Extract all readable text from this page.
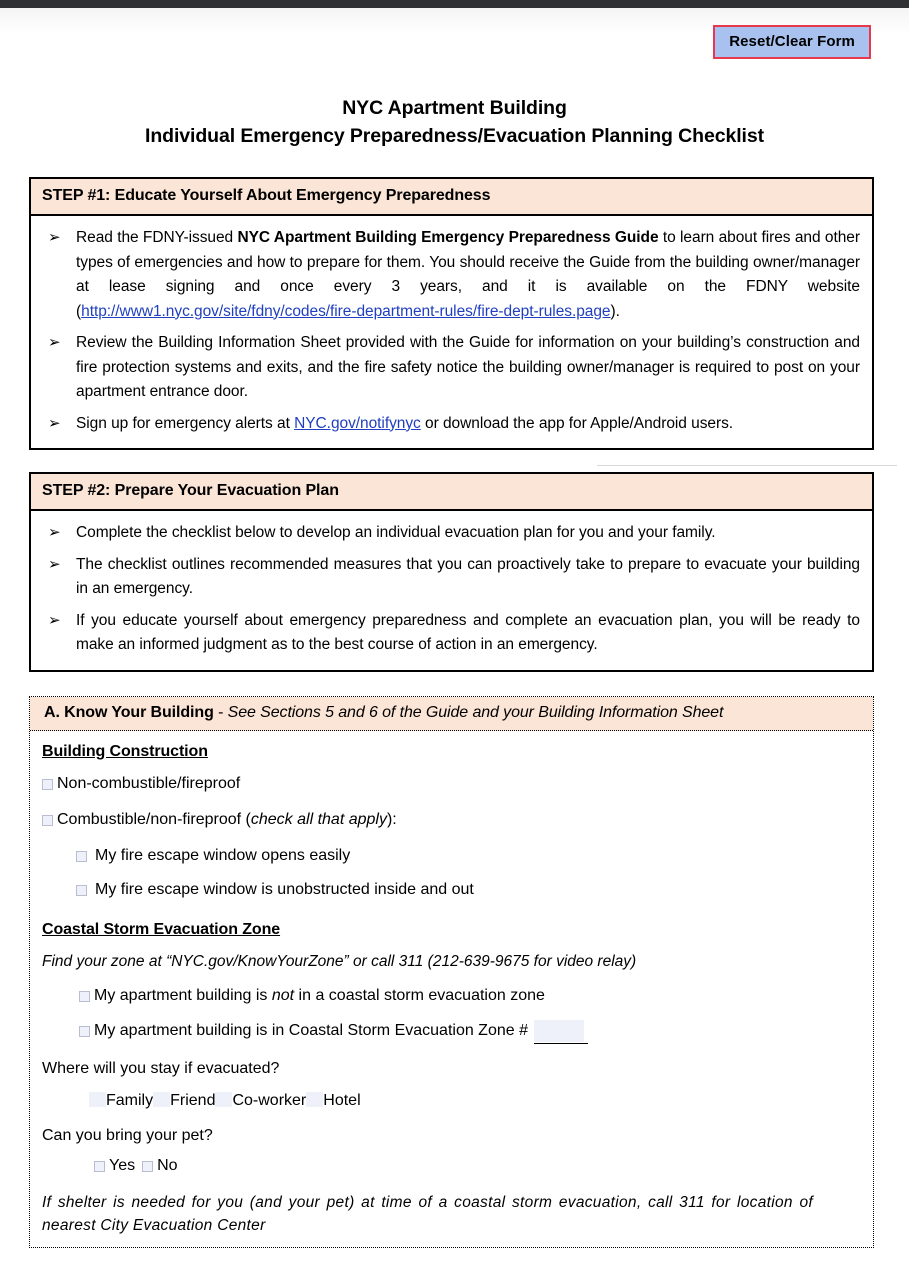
Reset/Clear Form
NYC Apartment Building
Individual Emergency Preparedness/Evacuation Planning Checklist
STEP #1: Educate Yourself About Emergency Preparedness
➢ Read the FDNY-issued NYC Apartment Building Emergency Preparedness Guide to learn about fires and other types of emergencies and how to prepare for them. You should receive the Guide from the building owner/manager at lease signing and once every 3 years, and it is available on the FDNY website (http://www1.nyc.gov/site/fdny/codes/fire-department-rules/fire-dept-rules.page).
➢ Review the Building Information Sheet provided with the Guide for information on your building’s construction and fire protection systems and exits, and the fire safety notice the building owner/manager is required to post on your apartment entrance door.
➢ Sign up for emergency alerts at NYC.gov/notifynyc or download the app for Apple/Android users.
STEP #2: Prepare Your Evacuation Plan
➢ Complete the checklist below to develop an individual evacuation plan for you and your family.
➢ The checklist outlines recommended measures that you can proactively take to prepare to evacuate your building in an emergency.
➢ If you educate yourself about emergency preparedness and complete an evacuation plan, you will be ready to make an informed judgment as to the best course of action in an emergency.
A. Know Your Building - See Sections 5 and 6 of the Guide and your Building Information Sheet
Building Construction
Non-combustible/fireproof
Combustible/non-fireproof (check all that apply):
My fire escape window opens easily
My fire escape window is unobstructed inside and out
Coastal Storm Evacuation Zone
Find your zone at “NYC.gov/KnowYourZone” or call 311 (212-639-9675 for video relay)
My apartment building is not in a coastal storm evacuation zone
My apartment building is in Coastal Storm Evacuation Zone #
Where will you stay if evacuated?
Family Friend Co-worker Hotel
Can you bring your pet?
Yes No
If shelter is needed for you (and your pet) at time of a coastal storm evacuation, call 311 for location of nearest City Evacuation Center
